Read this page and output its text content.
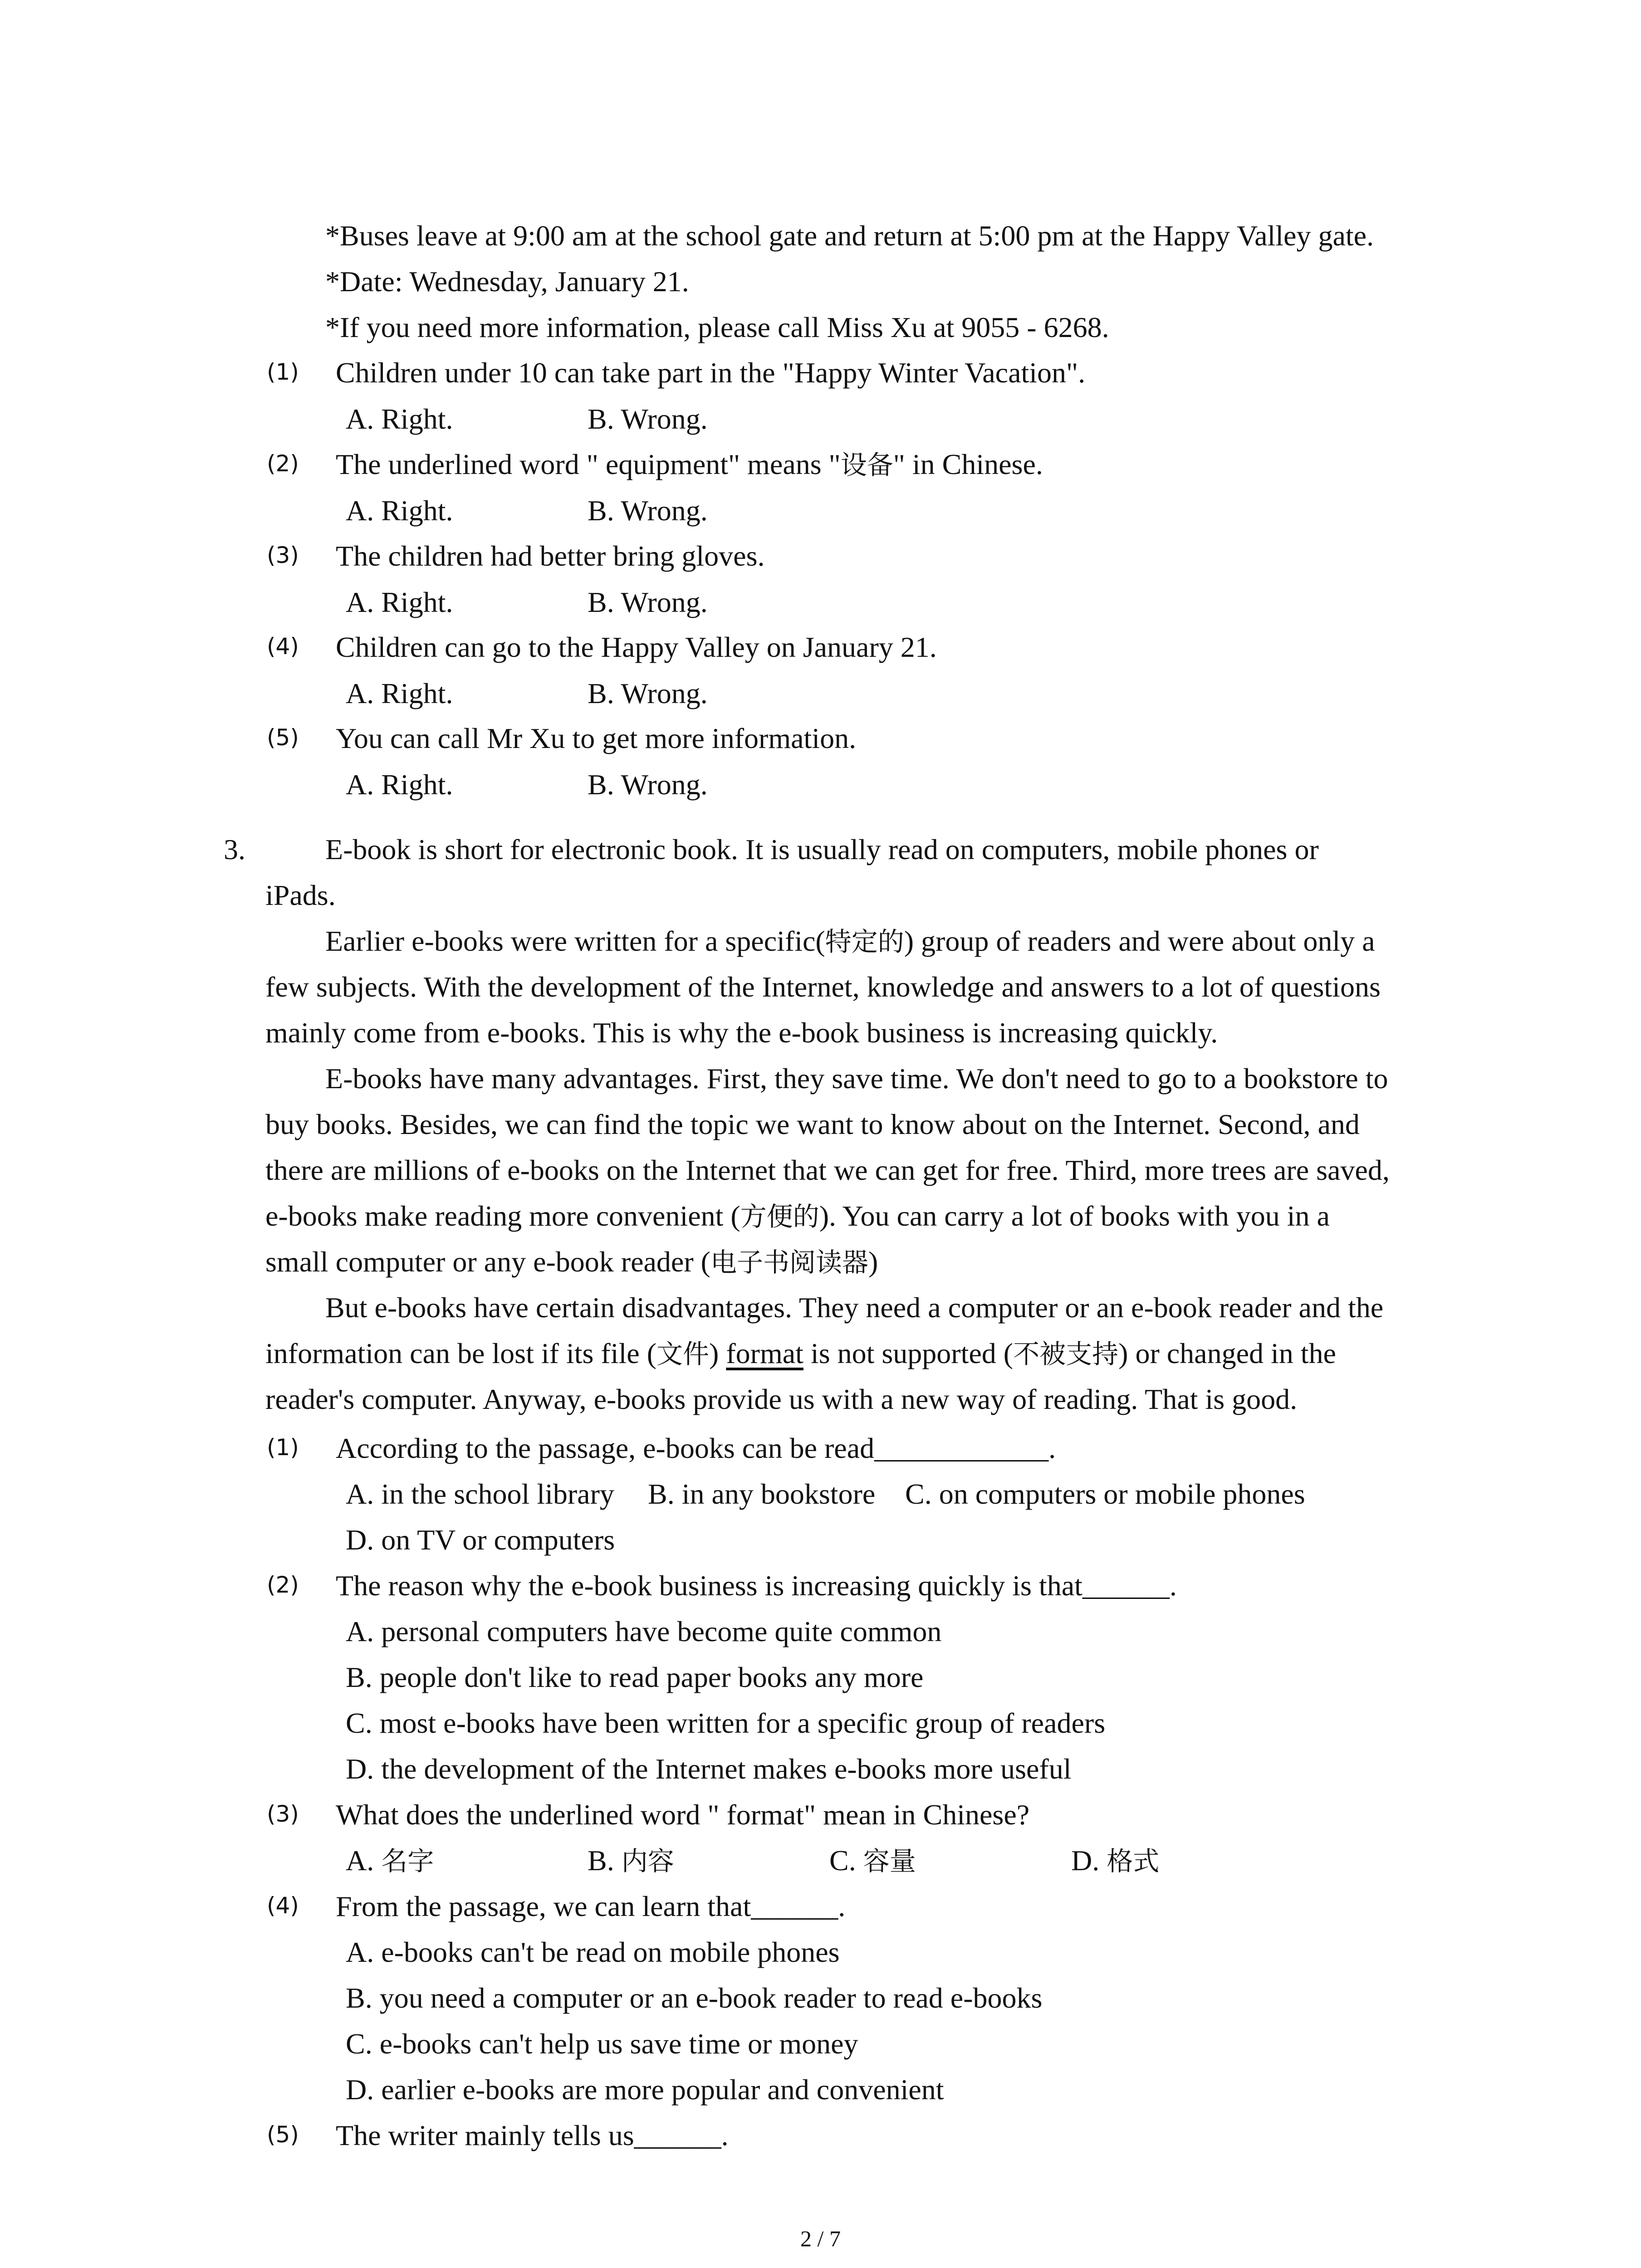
*Buses leave at 9:00 am at the school gate and return at 5:00 pm at the Happy Valley gate.
*Date: Wednesday, January 21.
*If you need more information, please call Miss Xu at 9055 - 6268.
(1) Children under 10 can take part in the "Happy Winter Vacation".
A. Right.	B. Wrong.
(2) The underlined word " equipment" means "设备" in Chinese.
A. Right.	B. Wrong.
(3) The children had better bring gloves.
A. Right.	B. Wrong.
(4) Children can go to the Happy Valley on January 21.
A. Right.	B. Wrong.
(5) You can call Mr Xu to get more information.
A. Right.	B. Wrong.
3.	E-book is short for electronic book. It is usually read on computers, mobile phones or
iPads.
Earlier e-books were written for a specific(特定的) group of readers and were about only a
few subjects. With the development of the Internet, knowledge and answers to a lot of questions
mainly come from e-books. This is why the e-book business is increasing quickly.
E-books have many advantages. First, they save time. We don't need to go to a bookstore to
buy books. Besides, we can find the topic we want to know about on the Internet. Second, and
there are millions of e-books on the Internet that we can get for free. Third, more trees are saved,
e-books make reading more convenient (方便的). You can carry a lot of books with you in a
small computer or any e-book reader (电子书阅读器)
But e-books have certain disadvantages. They need a computer or an e-book reader and the
information can be lost if its file (文件) format is not supported (不被支持) or changed in the
reader's computer. Anyway, e-books provide us with a new way of reading. That is good.
(1) According to the passage, e-books can be read____________.
A. in the school library B. in any bookstore C. on computers or mobile phones
D. on TV or computers
(2) The reason why the e-book business is increasing quickly is that______.
A. personal computers have become quite common
B. people don't like to read paper books any more
C. most e-books have been written for a specific group of readers
D. the development of the Internet makes e-books more useful
(3) What does the underlined word " format" mean in Chinese?
A. 名字	B. 内容	C. 容量	D. 格式
(4) From the passage, we can learn that______.
A. e-books can't be read on mobile phones
B. you need a computer or an e-book reader to read e-books
C. e-books can't help us save time or money
D. earlier e-books are more popular and convenient
(5) The writer mainly tells us______.
2 / 7
